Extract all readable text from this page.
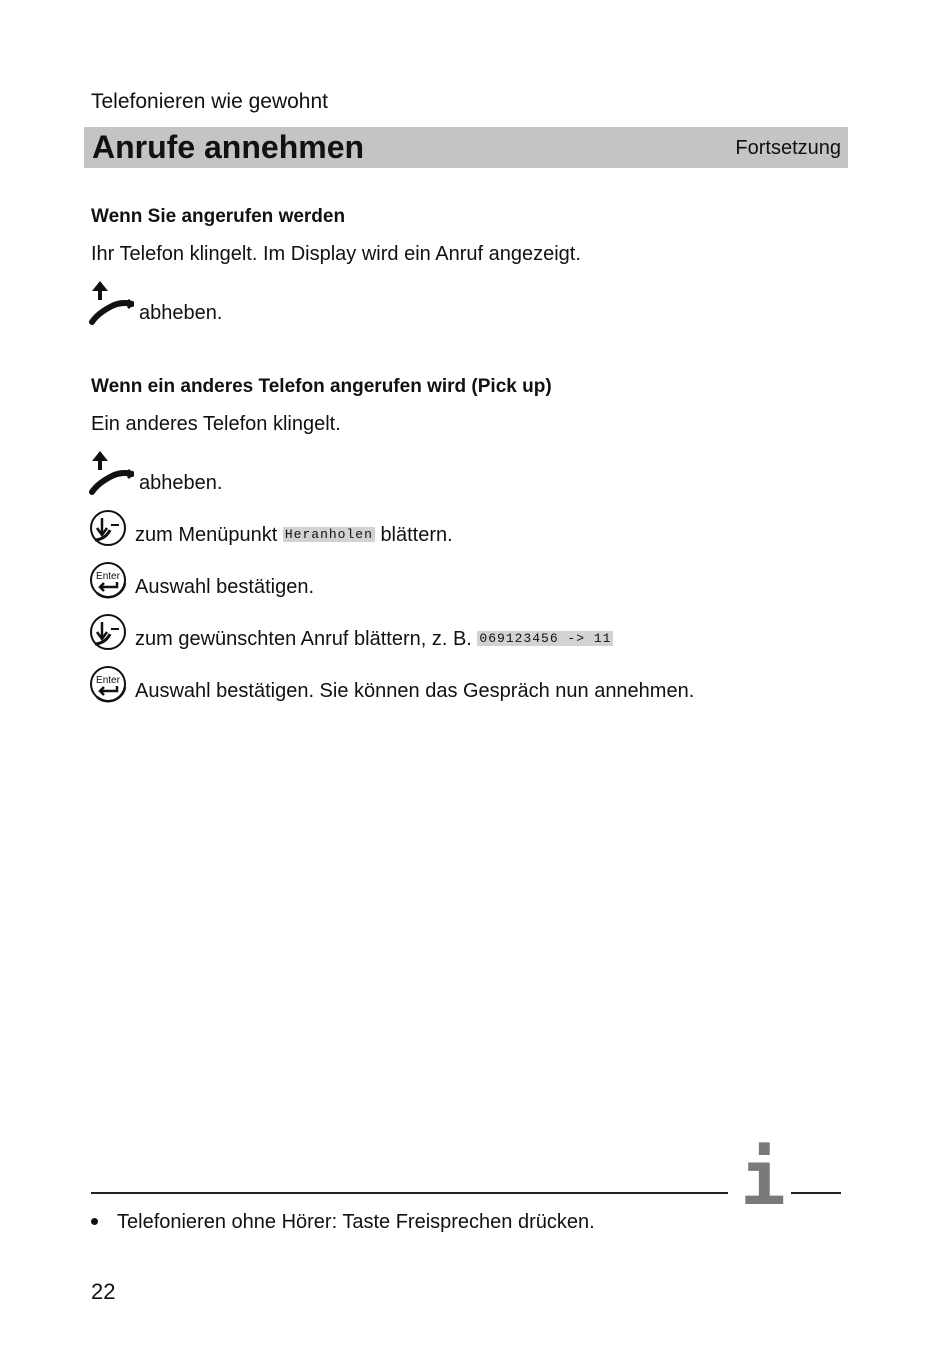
Telefonieren wie gewohnt
Anrufe annehmen	Fortsetzung
Wenn Sie angerufen werden
Ihr Telefon klingelt. Im Display wird ein Anruf angezeigt.
abheben.
Wenn ein anderes Telefon angerufen wird (Pick up)
Ein anderes Telefon klingelt.
abheben.
zum Menüpunkt Heranholen blättern.
Enter Auswahl bestätigen.
zum gewünschten Anruf blättern, z. B. 069123456 -> 11
Enter Auswahl bestätigen. Sie können das Gespräch nun annehmen.
i
Telefonieren ohne Hörer: Taste Freisprechen drücken.
22
